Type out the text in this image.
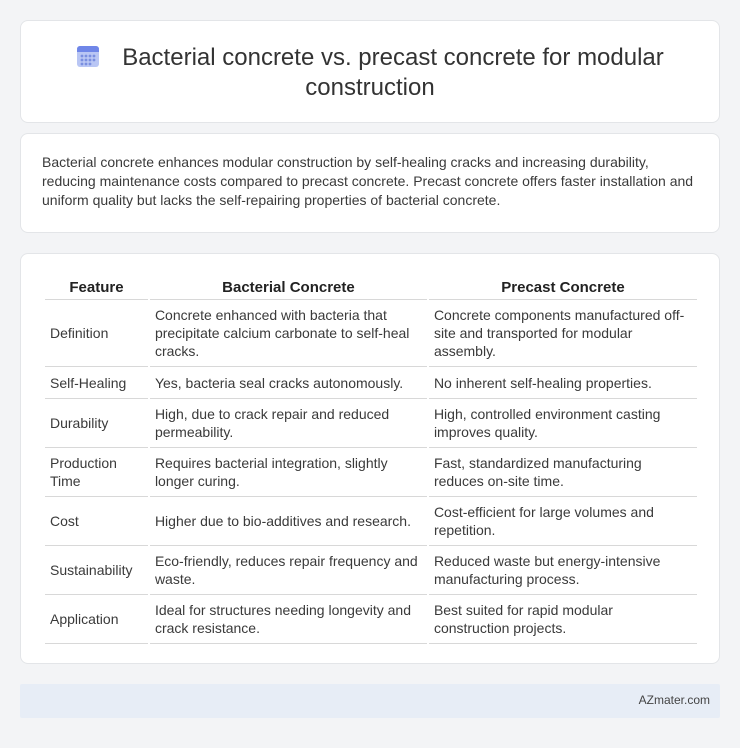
Bacterial concrete vs. precast concrete for modular construction

Bacterial concrete enhances modular construction by self-healing cracks and increasing durability, reducing maintenance costs compared to precast concrete. Precast concrete offers faster installation and uniform quality but lacks the self-repairing properties of bacterial concrete.

Feature	Bacterial Concrete	Precast Concrete
Definition	Concrete enhanced with bacteria that precipitate calcium carbonate to self-heal cracks.	Concrete components manufactured off-site and transported for modular assembly.
Self-Healing	Yes, bacteria seal cracks autonomously.	No inherent self-healing properties.
Durability	High, due to crack repair and reduced permeability.	High, controlled environment casting improves quality.
Production Time	Requires bacterial integration, slightly longer curing.	Fast, standardized manufacturing reduces on-site time.
Cost	Higher due to bio-additives and research.	Cost-efficient for large volumes and repetition.
Sustainability	Eco-friendly, reduces repair frequency and waste.	Reduced waste but energy-intensive manufacturing process.
Application	Ideal for structures needing longevity and crack resistance.	Best suited for rapid modular construction projects.
AZmater.com
